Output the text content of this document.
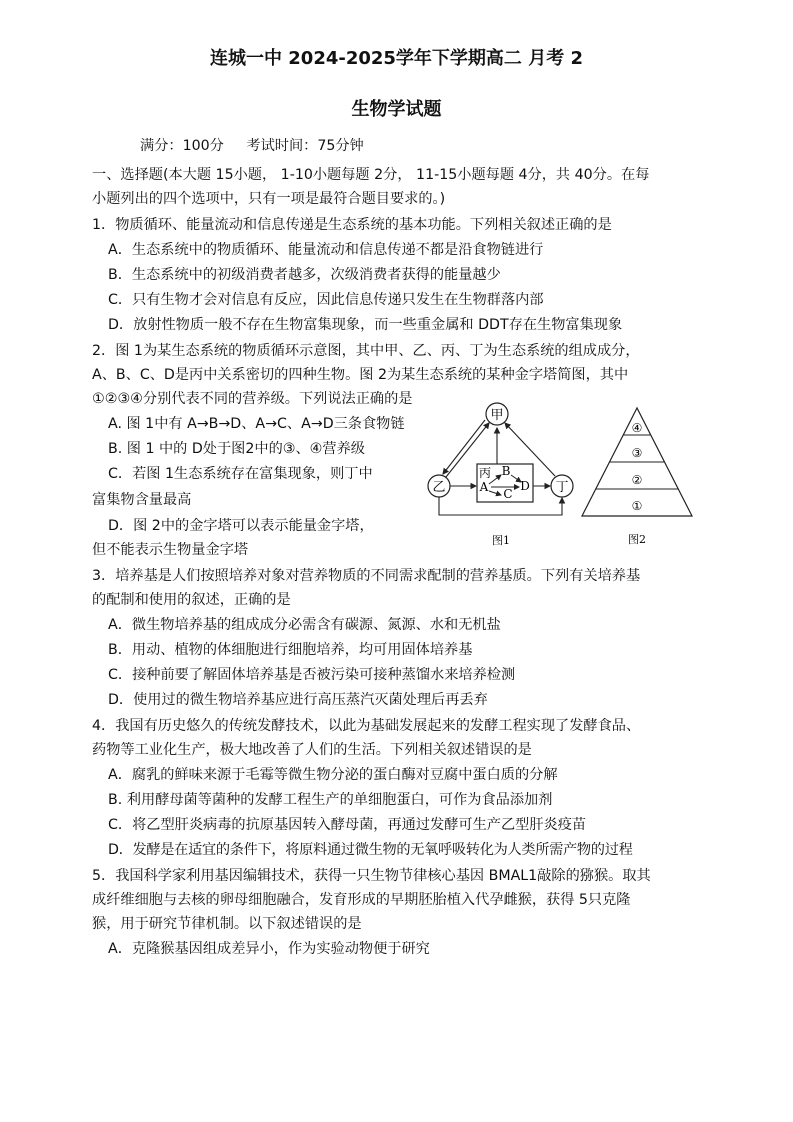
连城一中 2024-2025学年下学期高二 月考 2
生物学试题
满分：100分     考试时间：75分钟
一、选择题(本大题 15小题， 1-10小题每题 2分， 11-15小题每题 4分，共 40分。在每
小题列出的四个选项中，只有一项是最符合题目要求的。)
1．物质循环、能量流动和信息传递是生态系统的基本功能。下列相关叙述正确的是
A．生态系统中的物质循环、能量流动和信息传递不都是沿食物链进行
B．生态系统中的初级消费者越多，次级消费者获得的能量越少
C．只有生物才会对信息有反应，因此信息传递只发生在生物群落内部
D．放射性物质一般不存在生物富集现象，而一些重金属和 DDT存在生物富集现象
2．图 1为某生态系统的物质循环示意图，其中甲、乙、丙、丁为生态系统的组成成分，
A、B、C、D是丙中关系密切的四种生物。图 2为某生态系统的某种金字塔简图，其中
①②③④分别代表不同的营养级。下列说法正确的是
A. 图 1中有 A→B→D、A→C、A→D三条食物链
B. 图 1 中的 D处于图2中的③、④营养级
C．若图 1生态系统存在富集现象，则丁中
富集物含量最高
D．图 2中的金字塔可以表示能量金字塔，
但不能表示生物量金字塔
甲
乙	丁
丙
A
B
C
D
图1
④
③
②
①
图2
3．培养基是人们按照培养对象对营养物质的不同需求配制的营养基质。下列有关培养基
的配制和使用的叙述，正确的是
A．微生物培养基的组成成分必需含有碳源、氮源、水和无机盐
B．用动、植物的体细胞进行细胞培养，均可用固体培养基
C．接种前要了解固体培养基是否被污染可接种蒸馏水来培养检测
D．使用过的微生物培养基应进行高压蒸汽灭菌处理后再丢弃
4．我国有历史悠久的传统发酵技术，以此为基础发展起来的发酵工程实现了发酵食品、
药物等工业化生产，极大地改善了人们的生活。下列相关叙述错误的是
A．腐乳的鲜味来源于毛霉等微生物分泌的蛋白酶对豆腐中蛋白质的分解
B. 利用酵母菌等菌种的发酵工程生产的单细胞蛋白，可作为食品添加剂
C．将乙型肝炎病毒的抗原基因转入酵母菌，再通过发酵可生产乙型肝炎疫苗
D．发酵是在适宜的条件下，将原料通过微生物的无氧呼吸转化为人类所需产物的过程
5．我国科学家利用基因编辑技术，获得一只生物节律核心基因 BMAL1敲除的猕猴。取其
成纤维细胞与去核的卵母细胞融合，发育形成的早期胚胎植入代孕雌猴，获得 5只克隆
猴，用于研究节律机制。以下叙述错误的是
A．克隆猴基因组成差异小，作为实验动物便于研究
